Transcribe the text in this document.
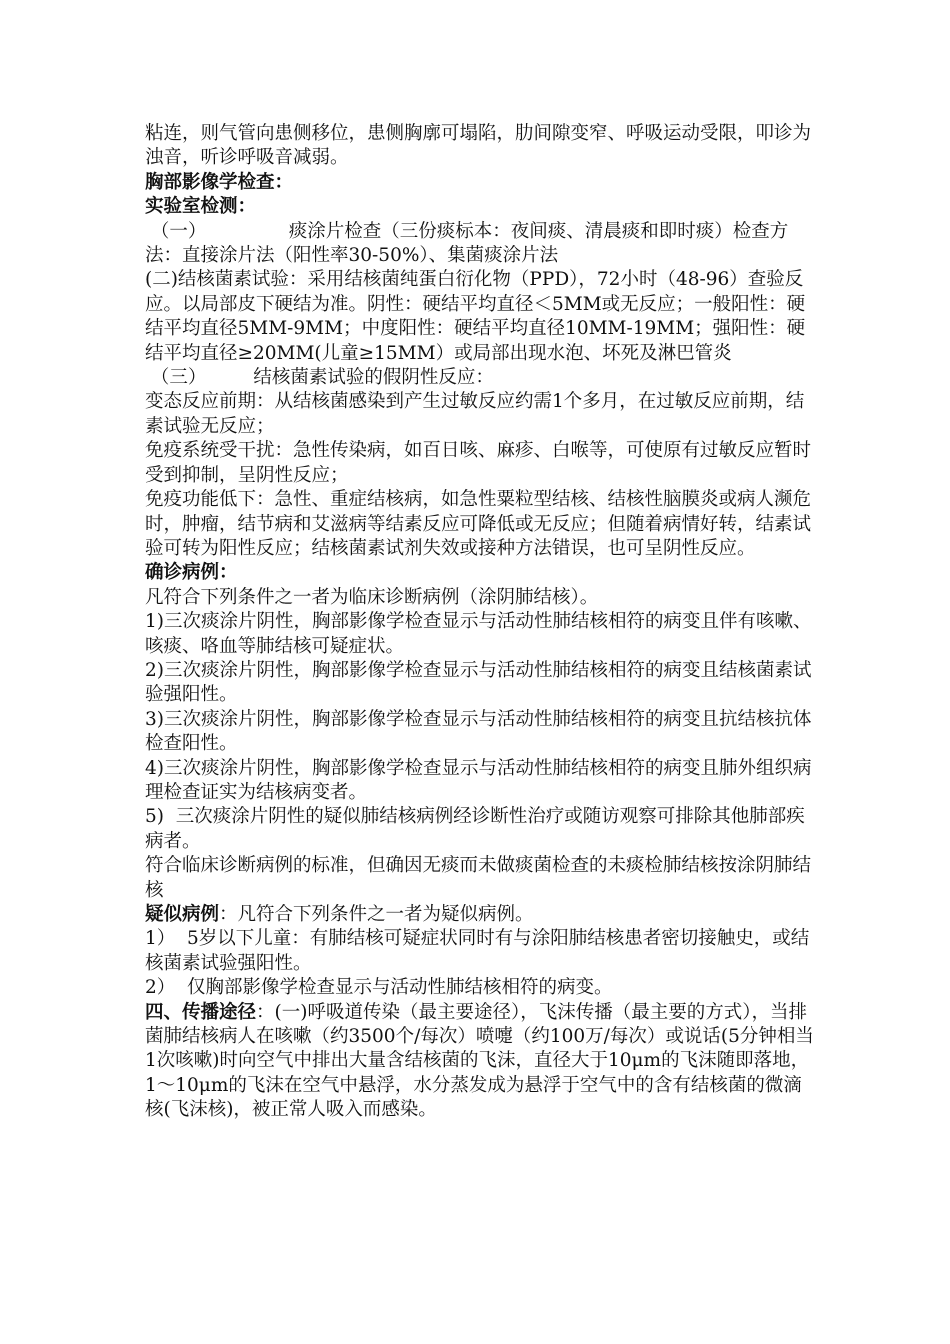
粘连，则气管向患侧移位，患侧胸廓可塌陷，肋间隙变窄、呼吸运动受限，叩诊为浊音，听诊呼吸音减弱。

胸部影像学检查：

实验室检测：

（一）              痰涂片检查（三份痰标本：夜间痰、清晨痰和即时痰）检查方法：直接涂片法（阳性率30-50%）、集菌痰涂片法

(二)结核菌素试验：采用结核菌纯蛋白衍化物（PPD），72小时（48-96）查验反应。以局部皮下硬结为准。阴性：硬结平均直径＜5MM或无反应；一般阳性：硬结平均直径5MM-9MM；中度阳性：硬结平均直径10MM-19MM；强阳性：硬结平均直径≥20MM(儿童≥15MM）或局部出现水泡、坏死及淋巴管炎

（三）        结核菌素试验的假阴性反应：

变态反应前期：从结核菌感染到产生过敏反应约需1个多月，在过敏反应前期，结素试验无反应；

免疫系统受干扰：急性传染病，如百日咳、麻疹、白喉等，可使原有过敏反应暂时受到抑制，呈阴性反应；

免疫功能低下：急性、重症结核病，如急性粟粒型结核、结核性脑膜炎或病人濒危时，肿瘤，结节病和艾滋病等结素反应可降低或无反应；但随着病情好转，结素试验可转为阳性反应；结核菌素试剂失效或接种方法错误，也可呈阴性反应。

确诊病例：

凡符合下列条件之一者为临床诊断病例（涂阴肺结核）。

1)三次痰涂片阴性，胸部影像学检查显示与活动性肺结核相符的病变且伴有咳嗽、咳痰、咯血等肺结核可疑症状。

2)三次痰涂片阴性，胸部影像学检查显示与活动性肺结核相符的病变且结核菌素试验强阳性。

3)三次痰涂片阴性，胸部影像学检查显示与活动性肺结核相符的病变且抗结核抗体检查阳性。

4)三次痰涂片阴性，胸部影像学检查显示与活动性肺结核相符的病变且肺外组织病理检查证实为结核病变者。

5)  三次痰涂片阴性的疑似肺结核病例经诊断性治疗或随访观察可排除其他肺部疾病者。

符合临床诊断病例的标准，但确因无痰而未做痰菌检查的未痰检肺结核按涂阴肺结核

疑似病例：凡符合下列条件之一者为疑似病例。

1）  5岁以下儿童：有肺结核可疑症状同时有与涂阳肺结核患者密切接触史，或结核菌素试验强阳性。

2）  仅胸部影像学检查显示与活动性肺结核相符的病变。

四、传播途径：(一)呼吸道传染（最主要途径），飞沫传播（最主要的方式），当排菌肺结核病人在咳嗽（约3500个/每次）喷嚏（约100万/每次）或说话(5分钟相当1次咳嗽)时向空气中排出大量含结核菌的飞沫，直径大于10μm的飞沫随即落地，  1～10μm的飞沫在空气中悬浮，水分蒸发成为悬浮于空气中的含有结核菌的微滴核(飞沫核)，被正常人吸入而感染。
